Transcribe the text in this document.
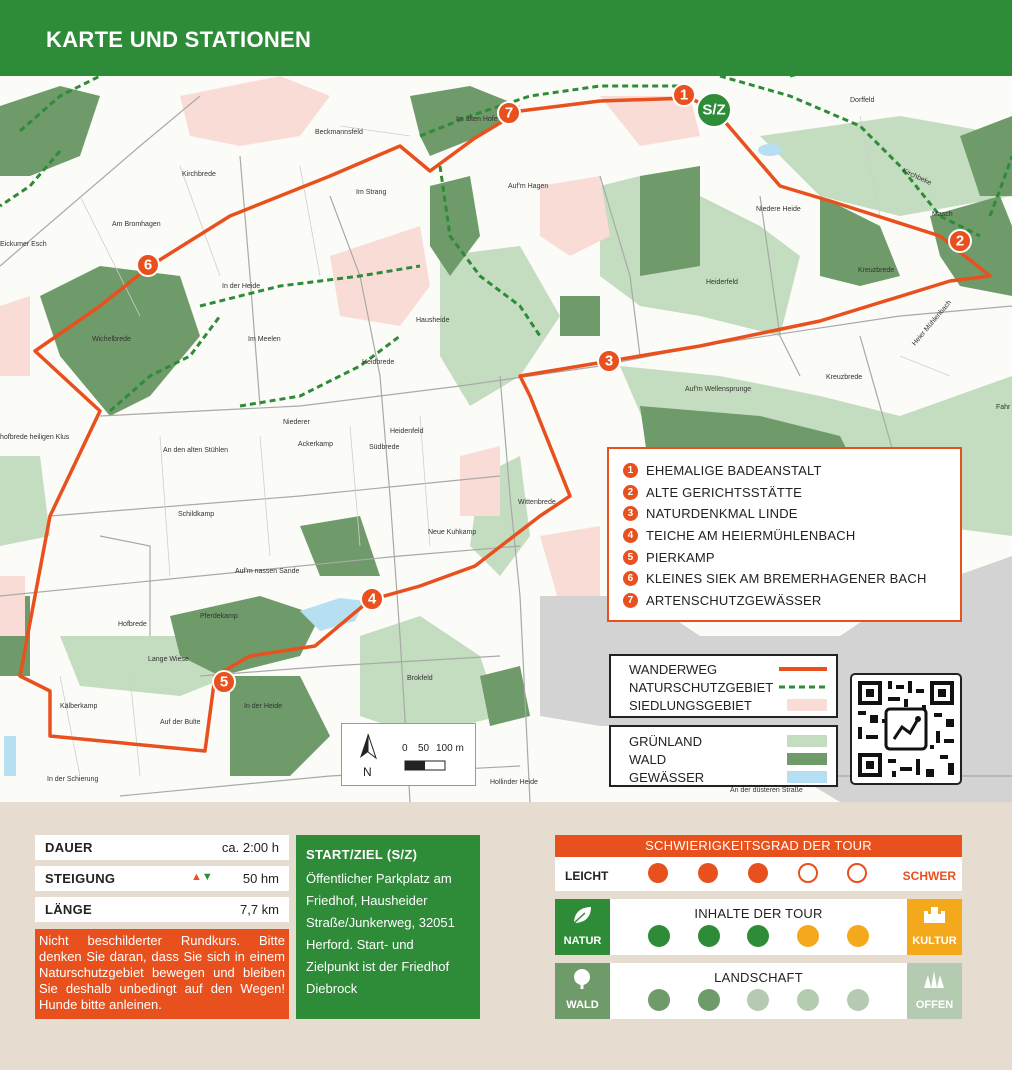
KARTE UND STATIONEN
Beckmannsfeld
Kirchbrede
Am Bromhagen
Eickumer Esch
Wichelbrede
In der Heide
Im Meelen
Hausheide
Heidbrede
Auf'm Hagen
Niedere Heide
Heiderfeld
Dorffeld
Masch
Kreuzbrede
Kreuzbrede
Auf'm Wellensprunge
Fahr
An den alten Stühlen
Niederer
Ackerkamp	Südbrede
Heidenfeld
Schildkamp
Wittenbrede
Neue Kuhkamp
Auf'm nassen Sande
Pferdekamp
Hofbrede
Lange Wiese
Kälberkamp
Auf der Bulte
In der Heide
Brokfeld
In der Schierung	Hollinder Heide
An der düsteren Straße
hofbrede heiligen Klus
Heier Mühlenbach
Kirchbeke
Im Strang
Im alten Hofe
1
S/Z
7
2
3
6
4
5
1 EHEMALIGE BADEANSTALT
2 ALTE GERICHTSSTÄTTE
3 NATURDENKMAL LINDE
4 TEICHE AM HEIERMÜHLENBACH
5 PIERKAMP
6 KLEINES SIEK AM BREMERHAGENER BACH
7 ARTENSCHUTZGEWÄSSER
WANDERWEG
NATURSCHUTZGEBIET
SIEDLUNGSGEBIET
GRÜNLAND
WALD
GEWÄSSER
N
0 50 100 m
DAUER	ca. 2:00 h
STEIGUNG	▲▼ 50 hm
LÄNGE	7,7 km
Nicht beschilderter Rundkurs. Bitte denken Sie daran, dass Sie sich in einem Naturschutzgebiet bewegen und bleiben Sie deshalb unbedingt auf den Wegen! Hunde bitte anleinen.
START/ZIEL (S/Z)
Öffentlicher Parkplatz am Friedhof, Hausheider Straße/Junkerweg, 32051 Herford. Start- und Zielpunkt ist der Friedhof Diebrock
SCHWIERIGKEITSGRAD DER TOUR
LEICHT	SCHWER
NATUR
INHALTE DER TOUR
KULTUR
WALD
LANDSCHAFT
OFFEN
